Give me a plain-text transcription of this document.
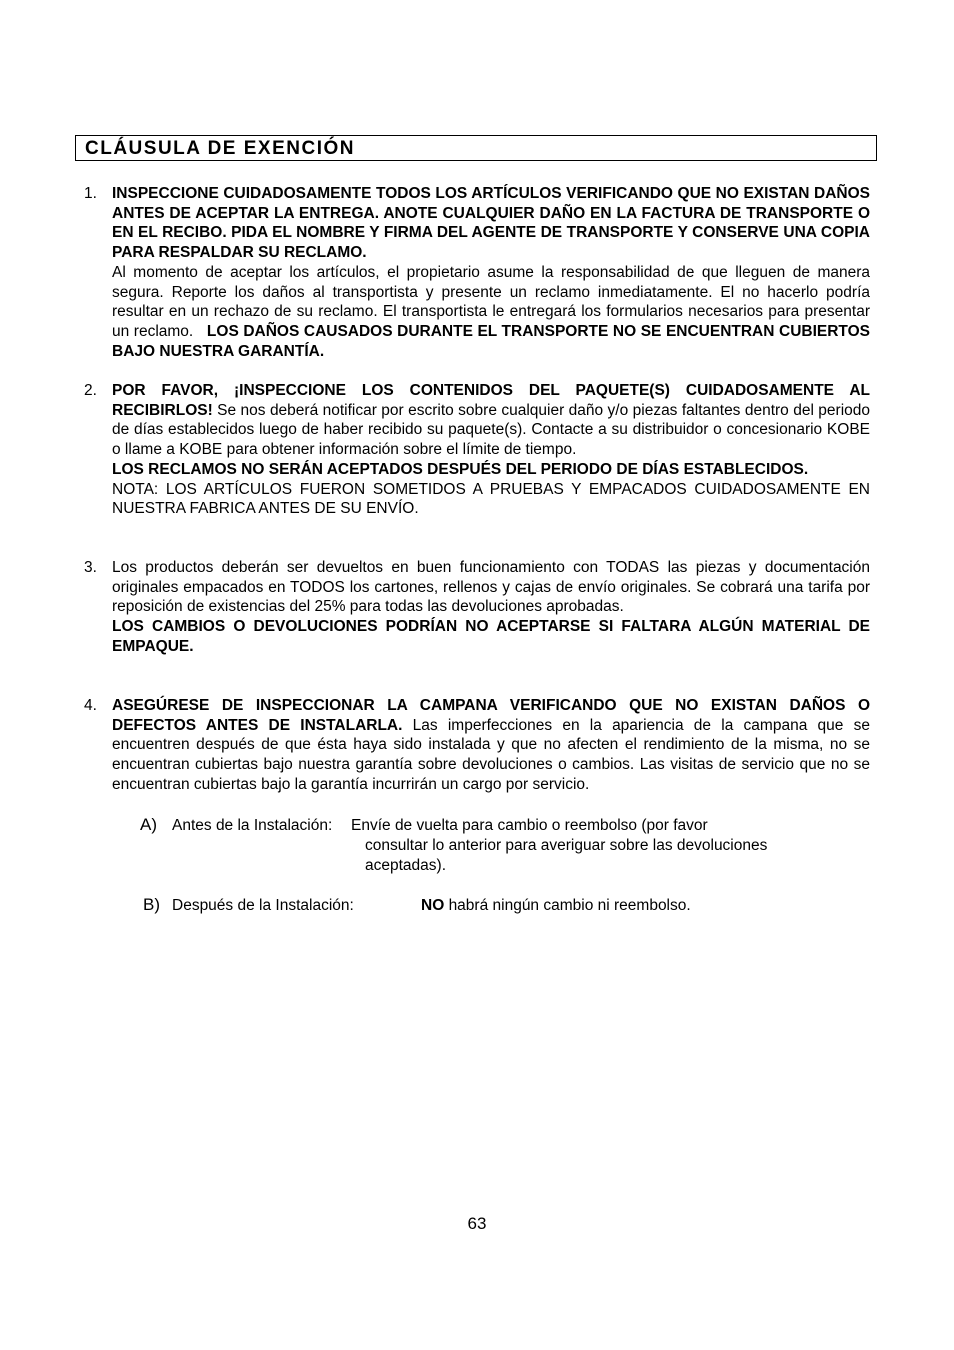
CLÁUSULA DE EXENCIÓN
1. INSPECCIONE CUIDADOSAMENTE TODOS LOS ARTÍCULOS VERIFICANDO QUE NO EXISTAN DAÑOS ANTES DE ACEPTAR LA ENTREGA. ANOTE CUALQUIER DAÑO EN LA FACTURA DE TRANSPORTE O EN EL RECIBO. PIDA EL NOMBRE Y FIRMA DEL AGENTE DE TRANSPORTE Y CONSERVE UNA COPIA PARA RESPALDAR SU RECLAMO.
Al momento de aceptar los artículos, el propietario asume la responsabilidad de que lleguen de manera segura. Reporte los daños al transportista y presente un reclamo inmediatamente. El no hacerlo podría resultar en un rechazo de su reclamo. El transportista le entregará los formularios necesarios para presentar un reclamo. LOS DAÑOS CAUSADOS DURANTE EL TRANSPORTE NO SE ENCUENTRAN CUBIERTOS BAJO NUESTRA GARANTÍA.
2. POR FAVOR, ¡INSPECCIONE LOS CONTENIDOS DEL PAQUETE(S) CUIDADOSAMENTE AL RECIBIRLOS! Se nos deberá notificar por escrito sobre cualquier daño y/o piezas faltantes dentro del periodo de días establecidos luego de haber recibido su paquete(s). Contacte a su distribuidor o concesionario KOBE o llame a KOBE para obtener información sobre el límite de tiempo.
LOS RECLAMOS NO SERÁN ACEPTADOS DESPUÉS DEL PERIODO DE DÍAS ESTABLECIDOS.
NOTA: LOS ARTÍCULOS FUERON SOMETIDOS A PRUEBAS Y EMPACADOS CUIDADOSAMENTE EN NUESTRA FABRICA ANTES DE SU ENVÍO.
3. Los productos deberán ser devueltos en buen funcionamiento con TODAS las piezas y documentación originales empacados en TODOS los cartones, rellenos y cajas de envío originales. Se cobrará una tarifa por reposición de existencias del 25% para todas las devoluciones aprobadas.
LOS CAMBIOS O DEVOLUCIONES PODRÍAN NO ACEPTARSE SI FALTARA ALGÚN MATERIAL DE EMPAQUE.
4. ASEGÚRESE DE INSPECCIONAR LA CAMPANA VERIFICANDO QUE NO EXISTAN DAÑOS O DEFECTOS ANTES DE INSTALARLA. Las imperfecciones en la apariencia de la campana que se encuentren después de que ésta haya sido instalada y que no afecten el rendimiento de la misma, no se encuentran cubiertas bajo nuestra garantía sobre devoluciones o cambios. Las visitas de servicio que no se encuentran cubiertas bajo la garantía incurrirán un cargo por servicio.
A) Antes de la Instalación: Envíe de vuelta para cambio o reembolso (por favor
consultar lo anterior para averiguar sobre las devoluciones
aceptadas).
B) Después de la Instalación:	NO habrá ningún cambio ni reembolso.
63
